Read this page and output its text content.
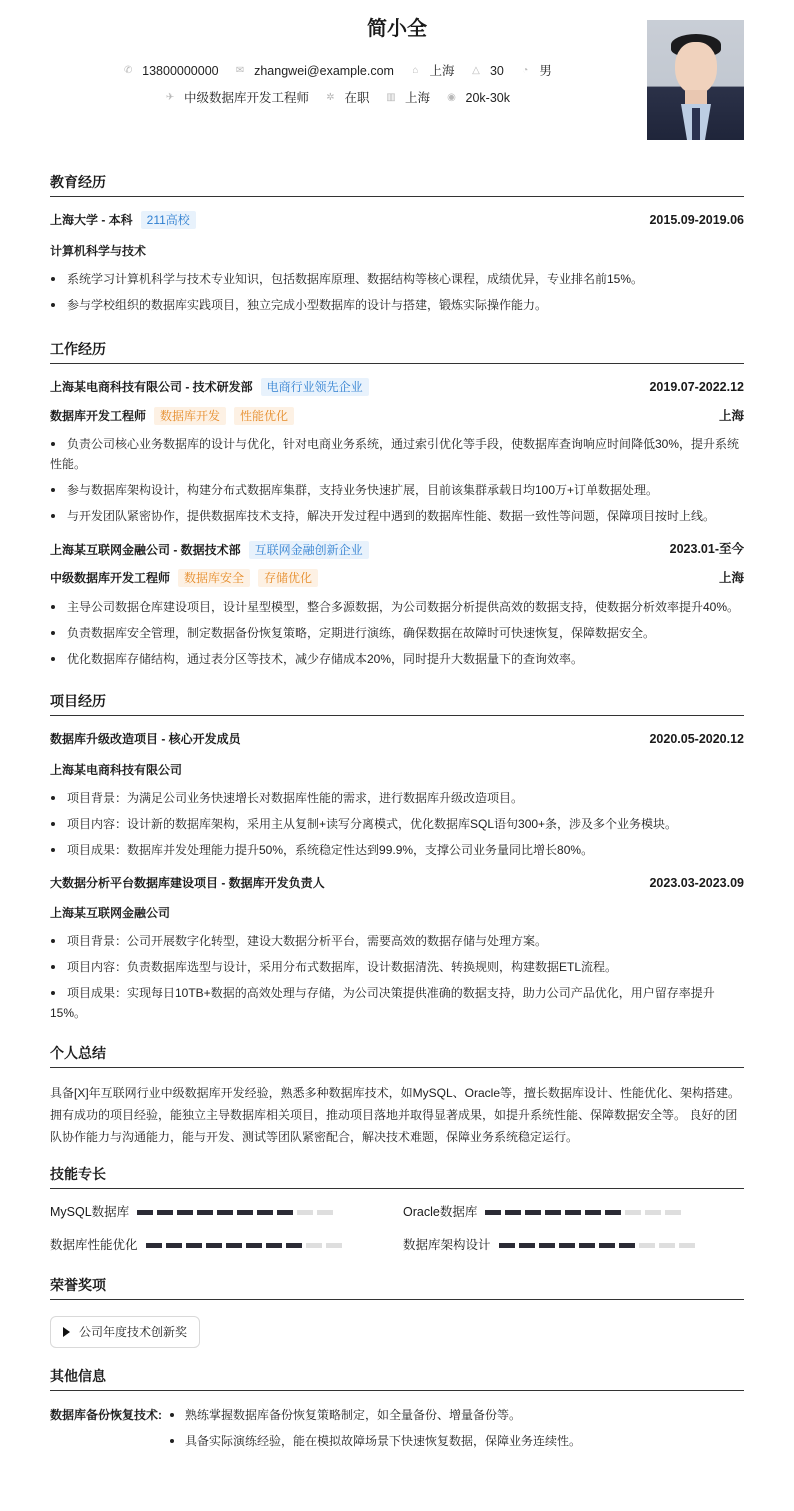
简小全
✆ 13800000000
✉ zhangwei@example.com
⌂ 上海
△ 30
◔ 男
✈ 中级数据库开发工程师
✲ 在职
▥ 上海
◉ 20k-30k
教育经历
上海大学 - 本科	211高校	2015.09-2019.06
计算机科学与技术
系统学习计算机科学与技术专业知识，包括数据库原理、数据结构等核心课程，成绩优异，专业排名前15%。
参与学校组织的数据库实践项目，独立完成小型数据库的设计与搭建，锻炼实际操作能力。
工作经历
上海某电商科技有限公司 - 技术研发部	电商行业领先企业	2019.07-2022.12
数据库开发工程师	数据库开发	性能优化	上海
负责公司核心业务数据库的设计与优化，针对电商业务系统，通过索引优化等手段，使数据库查询响应时间降低30%，提升系统性能。
参与数据库架构设计，构建分布式数据库集群，支持业务快速扩展，目前该集群承载日均100万+订单数据处理。
与开发团队紧密协作，提供数据库技术支持，解决开发过程中遇到的数据库性能、数据一致性等问题，保障项目按时上线。
上海某互联网金融公司 - 数据技术部	互联网金融创新企业	2023.01-至今
中级数据库开发工程师	数据库安全	存储优化	上海
主导公司数据仓库建设项目，设计星型模型，整合多源数据，为公司数据分析提供高效的数据支持，使数据分析效率提升40%。
负责数据库安全管理，制定数据备份恢复策略，定期进行演练，确保数据在故障时可快速恢复，保障数据安全。
优化数据库存储结构，通过表分区等技术，减少存储成本20%，同时提升大数据量下的查询效率。
项目经历
数据库升级改造项目 - 核心开发成员	2020.05-2020.12
上海某电商科技有限公司
项目背景：为满足公司业务快速增长对数据库性能的需求，进行数据库升级改造项目。
项目内容：设计新的数据库架构，采用主从复制+读写分离模式，优化数据库SQL语句300+条，涉及多个业务模块。
项目成果：数据库并发处理能力提升50%，系统稳定性达到99.9%，支撑公司业务量同比增长80%。
大数据分析平台数据库建设项目 - 数据库开发负责人	2023.03-2023.09
上海某互联网金融公司
项目背景：公司开展数字化转型，建设大数据分析平台，需要高效的数据存储与处理方案。
项目内容：负责数据库选型与设计，采用分布式数据库，设计数据清洗、转换规则，构建数据ETL流程。
项目成果：实现每日10TB+数据的高效处理与存储，为公司决策提供准确的数据支持，助力公司产品优化，用户留存率提升15%。
个人总结
具备[X]年互联网行业中级数据库开发经验，熟悉多种数据库技术，如MySQL、Oracle等，擅长数据库设计、性能优化、架构搭建。 拥有成功的项目经验，能独立主导数据库相关项目，推动项目落地并取得显著成果，如提升系统性能、保障数据安全等。 良好的团队协作能力与沟通能力，能与开发、测试等团队紧密配合，解决技术难题，保障业务系统稳定运行。
技能专长
MySQL数据库	Oracle数据库
数据库性能优化	数据库架构设计
荣誉奖项
公司年度技术创新奖
其他信息
数据库备份恢复技术:	熟练掌握数据库备份恢复策略制定，如全量备份、增量备份等。
具备实际演练经验，能在模拟故障场景下快速恢复数据，保障业务连续性。
